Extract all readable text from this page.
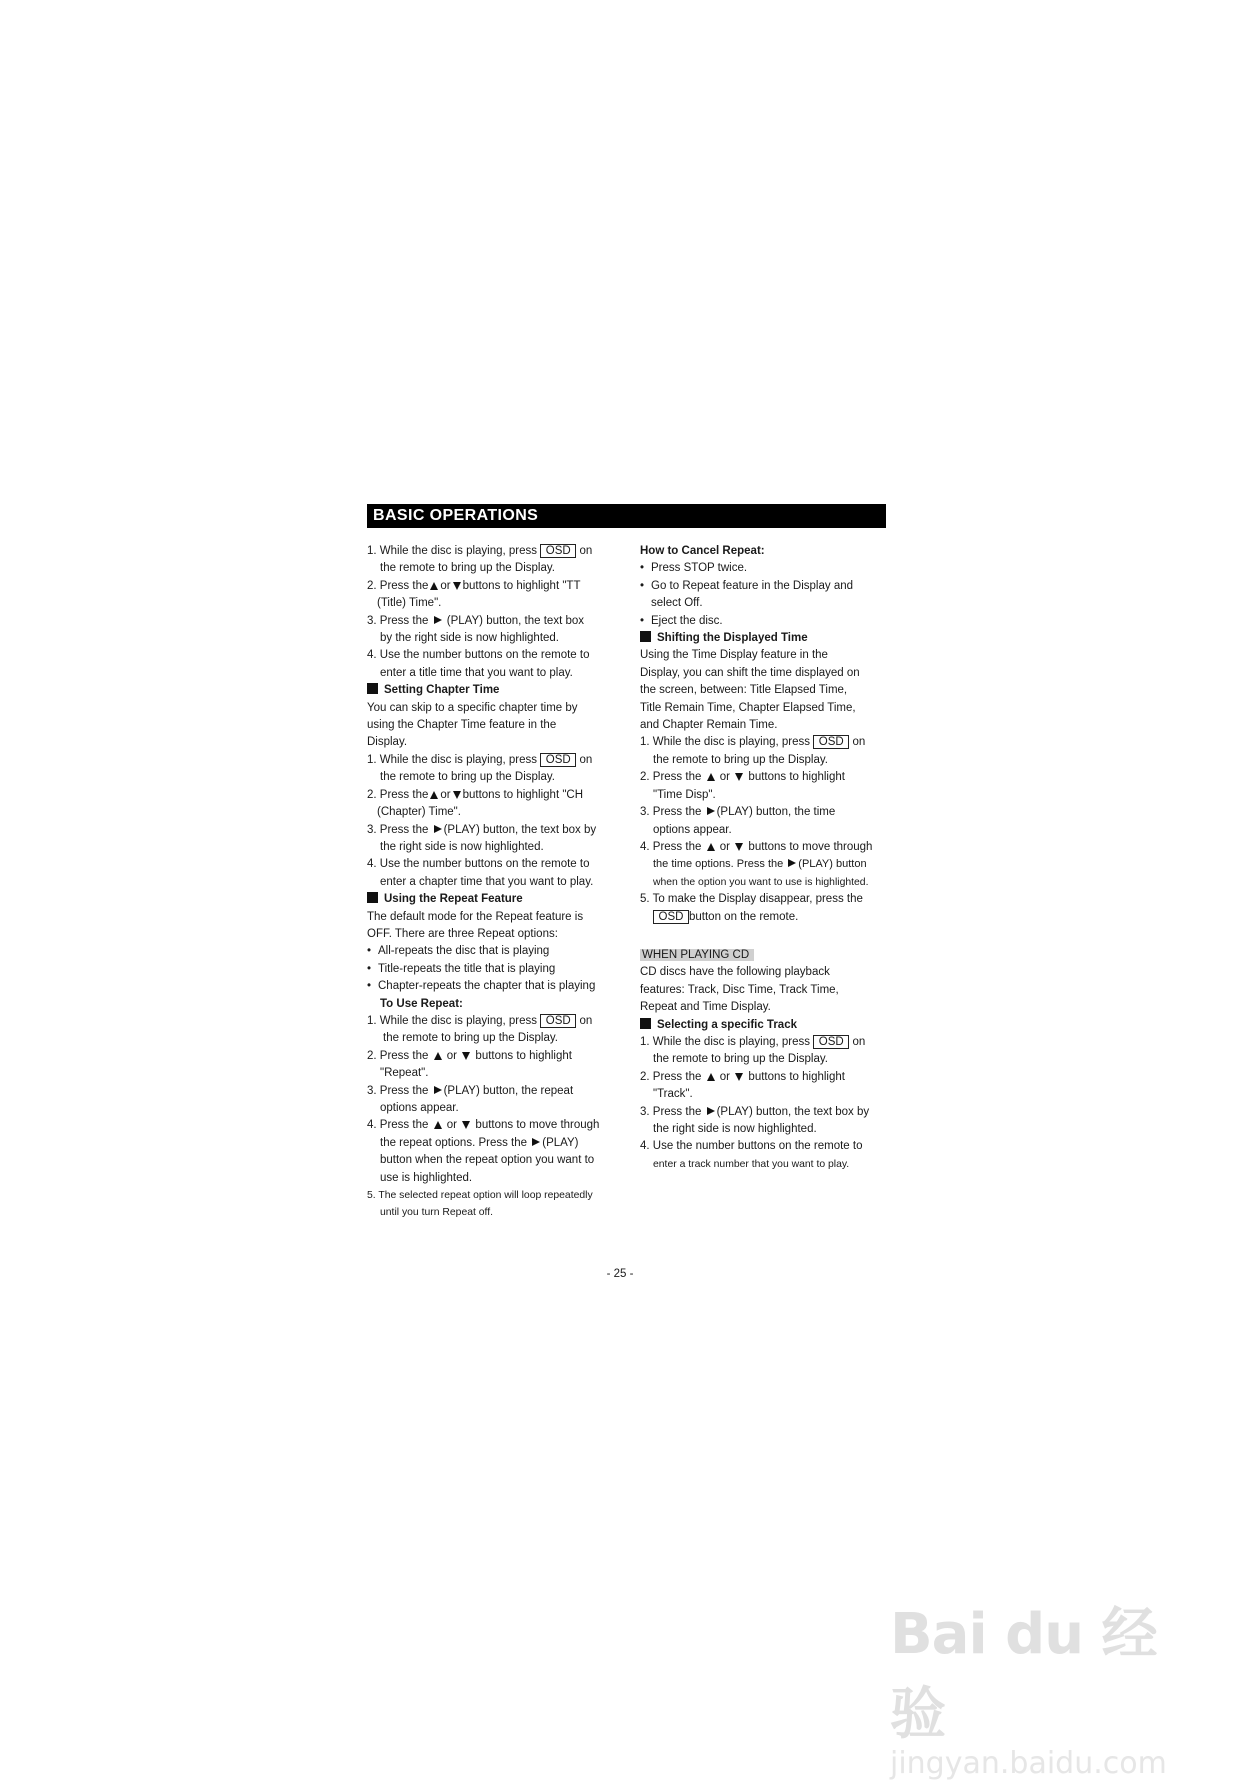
BASIC OPERATIONS
1. While the disc is playing, press OSD on
the remote to bring up the Display.
2. Press the or buttons to highlight "TT
(Title) Time".
3. Press the (PLAY) button, the text box
by the right side is now highlighted.
4. Use the number buttons on the remote to
enter a title time that you want to play.
Setting Chapter Time
You can skip to a specific chapter time by
using the Chapter Time feature in the
Display.
1. While the disc is playing, press OSD on
the remote to bring up the Display.
2. Press the or buttons to highlight "CH
(Chapter) Time".
3. Press the (PLAY) button, the text box by
the right side is now highlighted.
4. Use the number buttons on the remote to
enter a chapter time that you want to play.
Using the Repeat Feature
The default mode for the Repeat feature is
OFF. There are three Repeat options:
• All-repeats the disc that is playing
• Title-repeats the title that is playing
• Chapter-repeats the chapter that is playing
To Use Repeat:
1. While the disc is playing, press OSD on
the remote to bring up the Display.
2. Press the or buttons to highlight
"Repeat".
3. Press the (PLAY) button, the repeat
options appear.
4. Press the or buttons to move through
the repeat options. Press the (PLAY)
button when the repeat option you want to
use is highlighted.
5. The selected repeat option will loop repeatedly
until you turn Repeat off.
How to Cancel Repeat:
• Press STOP twice.
• Go to Repeat feature in the Display and
select Off.
• Eject the disc.
Shifting the Displayed Time
Using the Time Display feature in the
Display, you can shift the time displayed on
the screen, between: Title Elapsed Time,
Title Remain Time, Chapter Elapsed Time,
and Chapter Remain Time.
1. While the disc is playing, press OSD on
the remote to bring up the Display.
2. Press the or buttons to highlight
"Time Disp".
3. Press the (PLAY) button, the time
options appear.
4. Press the or buttons to move through
the time options. Press the (PLAY) button
when the option you want to use is highlighted.
5. To make the Display disappear, press the
OSD button on the remote.
WHEN PLAYING CD
CD discs have the following playback
features: Track, Disc Time, Track Time,
Repeat and Time Display.
Selecting a specific Track
1. While the disc is playing, press OSD on
the remote to bring up the Display.
2. Press the or buttons to highlight
"Track".
3. Press the (PLAY) button, the text box by
the right side is now highlighted.
4. Use the number buttons on the remote to
enter a track number that you want to play.
- 25 -
Bai du 经验
jingyan.baidu.com
